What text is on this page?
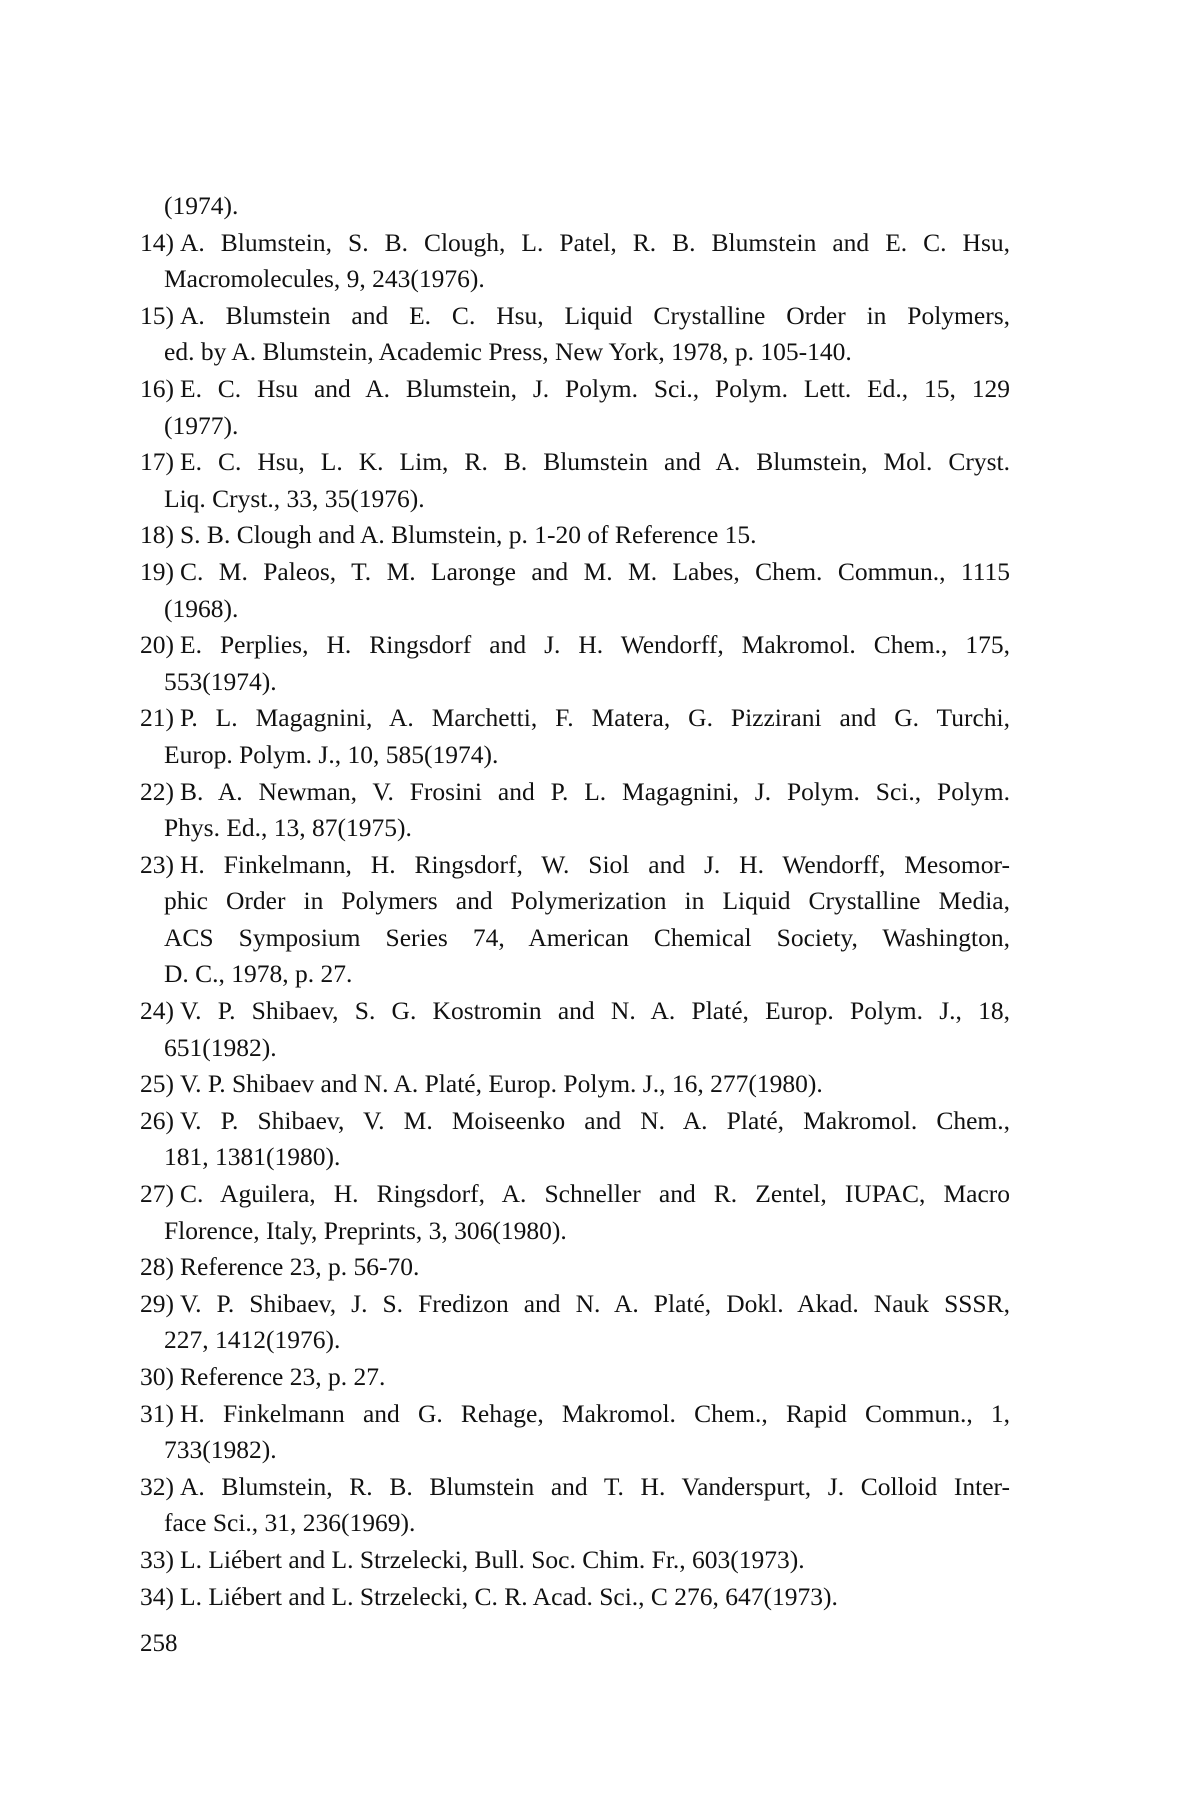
(1974).
14) A. Blumstein, S. B. Clough, L. Patel, R. B. Blumstein and E. C. Hsu,
Macromolecules, 9, 243(1976).
15) A. Blumstein and E. C. Hsu, Liquid Crystalline Order in Polymers,
ed. by A. Blumstein, Academic Press, New York, 1978, p. 105-140.
16) E. C. Hsu and A. Blumstein, J. Polym. Sci., Polym. Lett. Ed., 15, 129
(1977).
17) E. C. Hsu, L. K. Lim, R. B. Blumstein and A. Blumstein, Mol. Cryst.
Liq. Cryst., 33, 35(1976).
18) S. B. Clough and A. Blumstein, p. 1-20 of Reference 15.
19) C. M. Paleos, T. M. Laronge and M. M. Labes, Chem. Commun., 1115
(1968).
20) E. Perplies, H. Ringsdorf and J. H. Wendorff, Makromol. Chem., 175,
553(1974).
21) P. L. Magagnini, A. Marchetti, F. Matera, G. Pizzirani and G. Turchi,
Europ. Polym. J., 10, 585(1974).
22) B. A. Newman, V. Frosini and P. L. Magagnini, J. Polym. Sci., Polym.
Phys. Ed., 13, 87(1975).
23) H. Finkelmann, H. Ringsdorf, W. Siol and J. H. Wendorff, Mesomor-
phic Order in Polymers and Polymerization in Liquid Crystalline Media,
ACS Symposium Series 74, American Chemical Society, Washington,
D. C., 1978, p. 27.
24) V. P. Shibaev, S. G. Kostromin and N. A. Platé, Europ. Polym. J., 18,
651(1982).
25) V. P. Shibaev and N. A. Platé, Europ. Polym. J., 16, 277(1980).
26) V. P. Shibaev, V. M. Moiseenko and N. A. Platé, Makromol. Chem.,
181, 1381(1980).
27) C. Aguilera, H. Ringsdorf, A. Schneller and R. Zentel, IUPAC, Macro
Florence, Italy, Preprints, 3, 306(1980).
28) Reference 23, p. 56-70.
29) V. P. Shibaev, J. S. Fredizon and N. A. Platé, Dokl. Akad. Nauk SSSR,
227, 1412(1976).
30) Reference 23, p. 27.
31) H. Finkelmann and G. Rehage, Makromol. Chem., Rapid Commun., 1,
733(1982).
32) A. Blumstein, R. B. Blumstein and T. H. Vanderspurt, J. Colloid Inter-
face Sci., 31, 236(1969).
33) L. Liébert and L. Strzelecki, Bull. Soc. Chim. Fr., 603(1973).
34) L. Liébert and L. Strzelecki, C. R. Acad. Sci., C 276, 647(1973).
258
